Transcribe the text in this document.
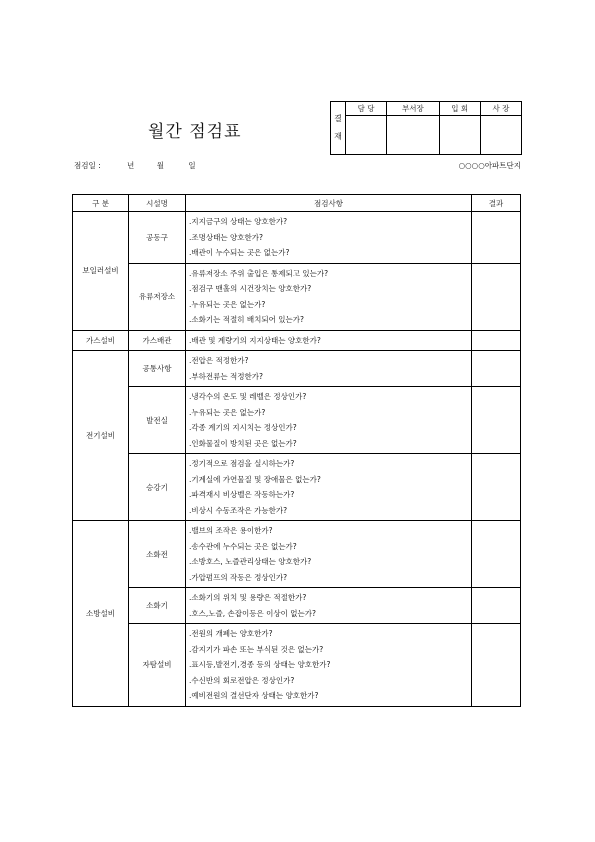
월간 점검표
결
재	담 당	부서장	입 회	사 장

점검일 :	년	월	일	○○○○아파트단지
구 분	시설명	점검사항	결과
보일러설비	공동구	.지지금구의 상태는 양호한가?
.조명상태는 양호한가?
.배관이 누수되는 곳은 없는가?	

	유류저장소	.유류저장소 주위 출입은 통제되고 있는가?
.점검구 맨홀의 시건장치는 양호한가?
.누유되는 곳은 없는가?
.소화기는 적절히 배치되어 있는가?	

가스설비	가스배관	.배관 및 계량기의 지지상태는 양호한가?	

전기설비	공통사항	.전압은 적정한가?
.부하전류는 적정한가?	

	발전실	.냉각수의 온도 및 레벨은 정상인가?
.누유되는 곳은 없는가?
.각종 계기의 지시치는 정상인가?
.인화물질이 방치된 곳은 없는가?	

	승강기	.정기적으로 점검을 실시하는가?
.기계실에 가연물질 및 장애물은 없는가?
.파격재시 비상벨은 작동하는가?
.비상시 수동조작은 가능한가?	

소방설비	소화전	.밸브의 조작은 용이한가?
.송수관에 누수되는 곳은 없는가?
.소방호스, 노즐관리상태는 양호한가?
.가압펌프의 작동은 정상인가?	

	소화기	.소화기의 위치 및 용량은 적절한가?
.호스,노즐, 손잡이등은 이상이 없는가?	

	자탐설비	.전원의 개폐는 양호한가?
.감지기가 파손 또는 부식된 것은 없는가?
.표시등,발전기,경종 등의 상태는 양호한가?
.수신반의 회로전압은 정상인가?
.예비전원의 결선단자 상태는 양호한가?	
